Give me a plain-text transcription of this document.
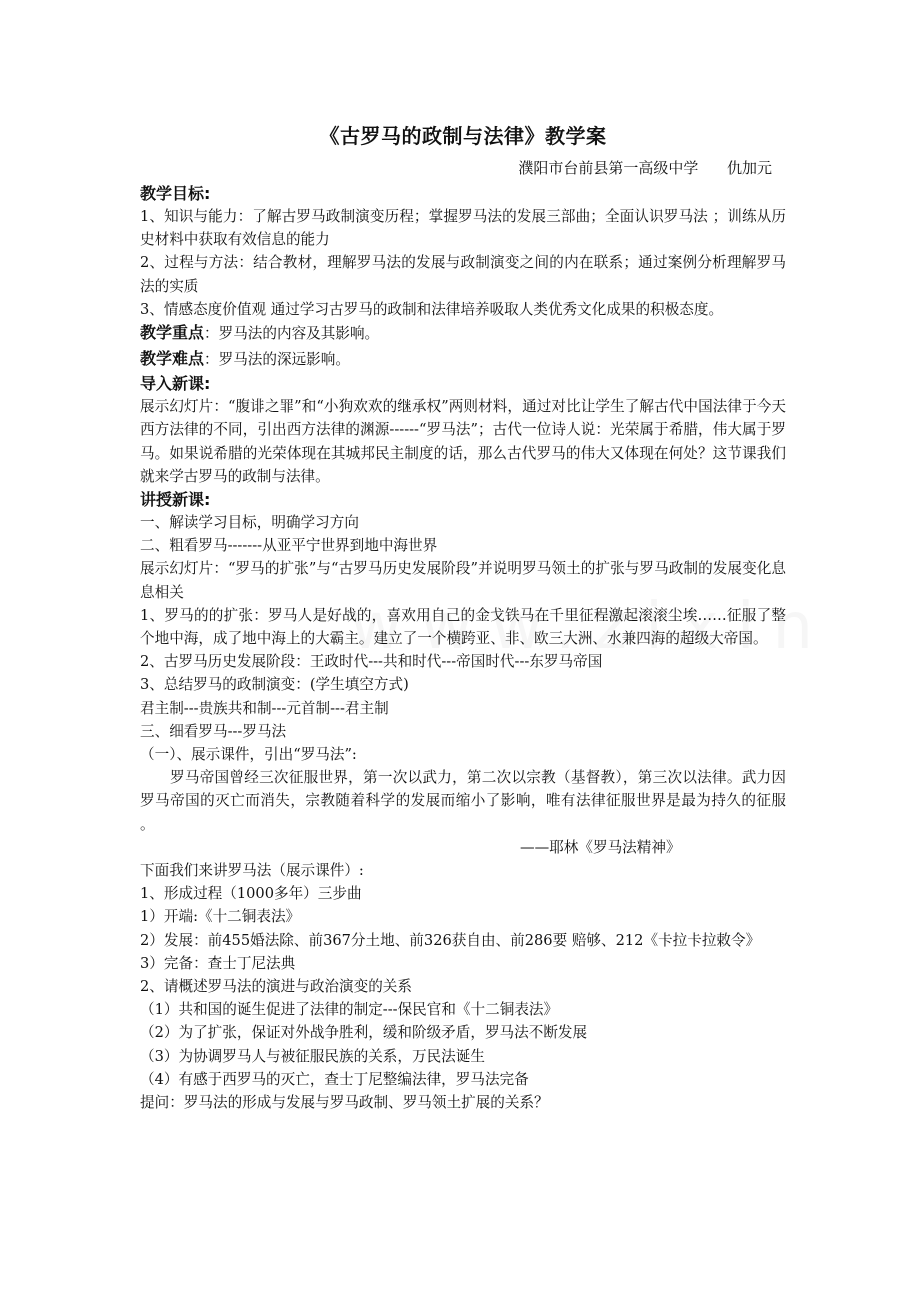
《古罗马的政制与法律》教学案
濮阳市台前县第一高级中学      仇加元
教学目标:
1、知识与能力：了解古罗马政制演变历程；掌握罗马法的发展三部曲；全面认识罗马法 ；训练从历史材料中获取有效信息的能力
2、过程与方法：结合教材，理解罗马法的发展与政制演变之间的内在联系；通过案例分析理解罗马法的实质
3、情感态度价值观 通过学习古罗马的政制和法律培养吸取人类优秀文化成果的积极态度。
教学重点：罗马法的内容及其影响。
教学难点：罗马法的深远影响。
导入新课:
展示幻灯片：“腹诽之罪”和“小狗欢欢的继承权”两则材料，通过对比让学生了解古代中国法律于今天西方法律的不同，引出西方法律的渊源------“罗马法”；古代一位诗人说：光荣属于希腊，伟大属于罗马。如果说希腊的光荣体现在其城邦民主制度的话，那么古代罗马的伟大又体现在何处？这节课我们就来学古罗马的政制与法律。
讲授新课:
一、解读学习目标，明确学习方向
二、粗看罗马-------从亚平宁世界到地中海世界
展示幻灯片：“罗马的扩张”与“古罗马历史发展阶段”并说明罗马领土的扩张与罗马政制的发展变化息息相关
1、罗马的的扩张：罗马人是好战的，喜欢用自己的金戈铁马在千里征程激起滚滚尘埃……征服了整个地中海，成了地中海上的大霸主。建立了一个横跨亚、非、欧三大洲、水兼四海的超级大帝国。
2、古罗马历史发展阶段：王政时代---共和时代---帝国时代---东罗马帝国
3、总结罗马的政制演变：(学生填空方式)
君主制---贵族共和制---元首制---君主制
三、细看罗马---罗马法
（一）、展示课件，引出“罗马法”:
罗马帝国曾经三次征服世界，第一次以武力，第二次以宗教（基督教），第三次以法律。武力因罗马帝国的灭亡而消失，宗教随着科学的发展而缩小了影响，唯有法律征服世界是最为持久的征服 。
——耶林《罗马法精神》
下面我们来讲罗马法（展示课件）:
1、形成过程（1000多年）三步曲
1）开端:《十二铜表法》
2）发展：前455婚法除、前367分土地、前326获自由、前286要 赔够、212《卡拉卡拉敕令》
3）完备：查士丁尼法典
2、请概述罗马法的演进与政治演变的关系
（1）共和国的诞生促进了法律的制定---保民官和《十二铜表法》
（2）为了扩张，保证对外战争胜利，缓和阶级矛盾，罗马法不断发展
（3）为协调罗马人与被征服民族的关系，万民法诞生
（4）有感于西罗马的灭亡，查士丁尼整编法律，罗马法完备
提问：罗马法的形成与发展与罗马政制、罗马领土扩展的关系？
